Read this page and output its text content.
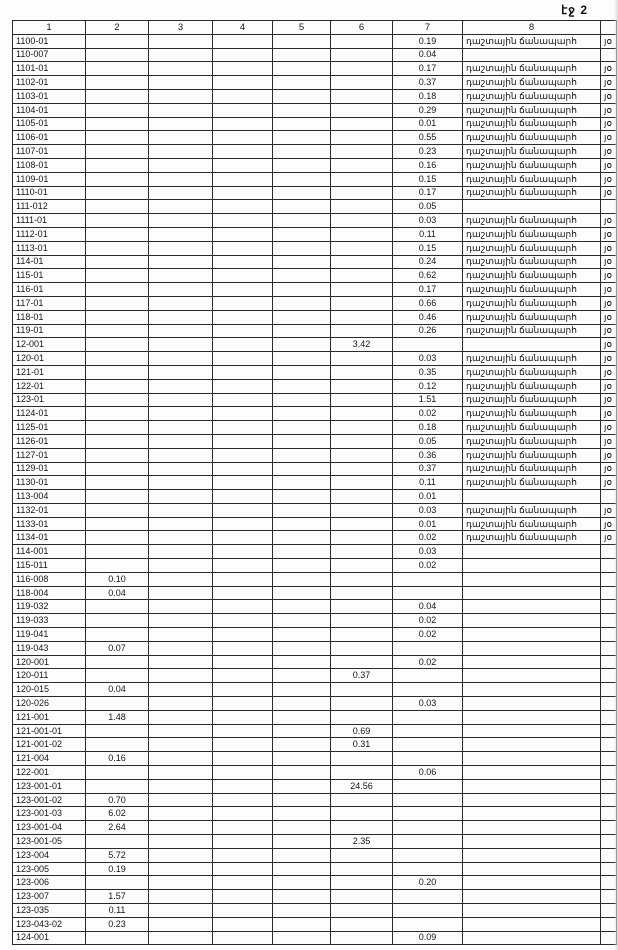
էջ 2
1	2	3	4	5	6	7	8	
1100-01						0.19	դաշտային ճանապարհ	յօ
110-007						0.04		
1101-01						0.17	դաշտային ճանապարհ	յօ
1102-01						0.37	դաշտային ճանապարհ	յօ
1103-01						0.18	դաշտային ճանապարհ	յօ
1104-01						0.29	դաշտային ճանապարհ	յօ
1105-01						0.01	դաշտային ճանապարհ	յօ
1106-01						0.55	դաշտային ճանապարհ	յօ
1107-01						0.23	դաշտային ճանապարհ	յօ
1108-01						0.16	դաշտային ճանապարհ	յօ
1109-01						0.15	դաշտային ճանապարհ	յօ
1110-01						0.17	դաշտային ճանապարհ	յօ
111-012						0.05		
1111-01						0.03	դաշտային ճանապարհ	յօ
1112-01						0.11	դաշտային ճանապարհ	յօ
1113-01						0.15	դաշտային ճանապարհ	յօ
114-01						0.24	դաշտային ճանապարհ	յօ
115-01						0.62	դաշտային ճանապարհ	յօ
116-01						0.17	դաշտային ճանապարհ	յօ
117-01						0.66	դաշտային ճանապարհ	յօ
118-01						0.46	դաշտային ճանապարհ	յօ
119-01						0.26	դաշտային ճանապարհ	յօ
12-001					3.42			յօ
120-01						0.03	դաշտային ճանապարհ	յօ
121-01						0.35	դաշտային ճանապարհ	յօ
122-01						0.12	դաշտային ճանապարհ	յօ
123-01						1.51	դաշտային ճանապարհ	յօ
1124-01						0.02	դաշտային ճանապարհ	յօ
1125-01						0.18	դաշտային ճանապարհ	յօ
1126-01						0.05	դաշտային ճանապարհ	յօ
1127-01						0.36	դաշտային ճանապարհ	յօ
1129-01						0.37	դաշտային ճանապարհ	յօ
1130-01						0.11	դաշտային ճանապարհ	յօ
113-004						0.01		
1132-01						0.03	դաշտային ճանապարհ	յօ
1133-01						0.01	դաշտային ճանապարհ	յօ
1134-01						0.02	դաշտային ճանապարհ	յօ
114-001						0.03		
115-011						0.02		
116-008	0.10							
118-004	0.04							
119-032						0.04		
119-033						0.02		
119-041						0.02		
119-043	0.07							
120-001						0.02		
120-011					0.37			
120-015	0.04							
120-026						0.03		
121-001	1.48							
121-001-01					0.69			
121-001-02					0.31			
121-004	0.16							
122-001						0.06		
123-001-01					24.56			
123-001-02	0.70							
123-001-03	6.02							
123-001-04	2.64							
123-001-05					2.35			
123-004	5.72							
123-005	0.19							
123-006						0.20		
123-007	1.57							
123-035	0.11							
123-043-02	0.23							
124-001						0.09		
